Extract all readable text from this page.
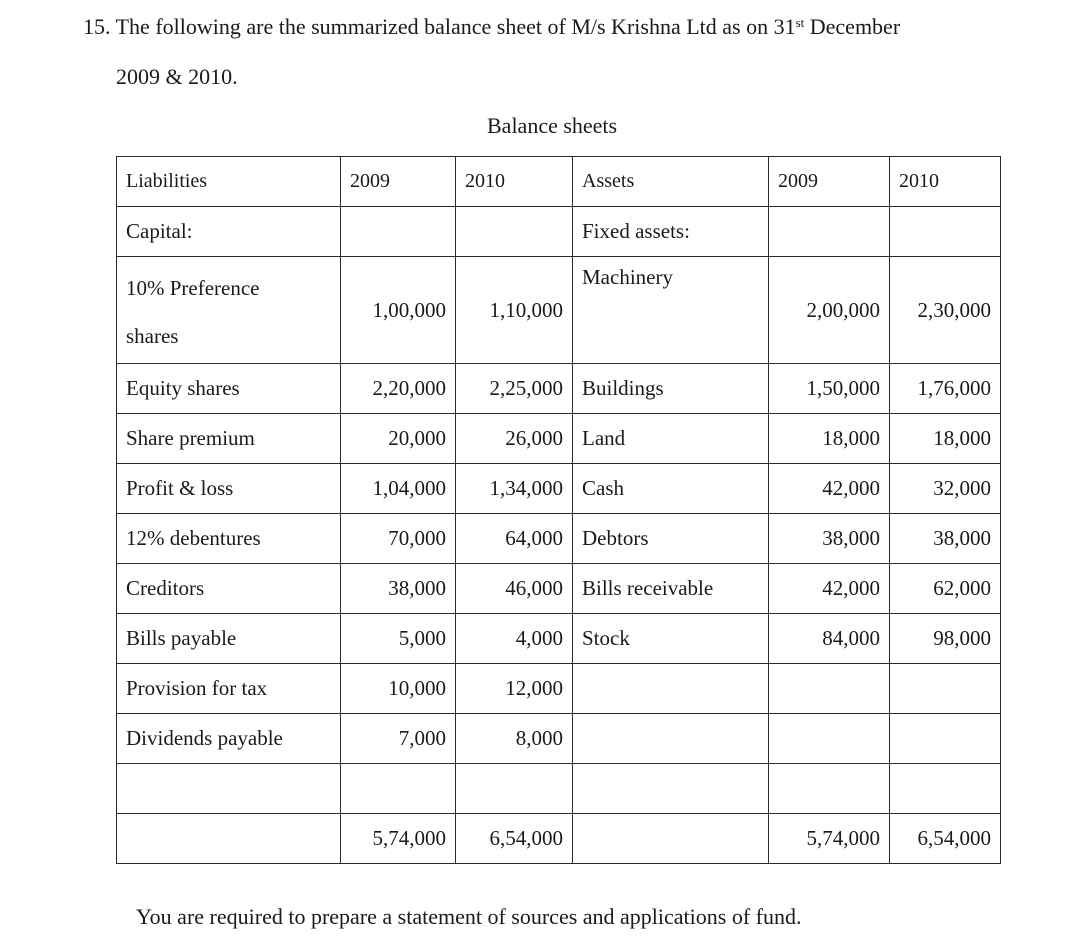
15. The following are the summarized balance sheet of M/s Krishna Ltd as on 31st December
2009 & 2010.
Balance sheets
Liabilities	2009	2010	Assets	2009	2010
Capital:			Fixed assets:		
10% Preference
shares	1,00,000	1,10,000	Machinery	2,00,000	2,30,000
Equity shares	2,20,000	2,25,000	Buildings	1,50,000	1,76,000
Share premium	20,000	26,000	Land	18,000	18,000
Profit & loss	1,04,000	1,34,000	Cash	42,000	32,000
12% debentures	70,000	64,000	Debtors	38,000	38,000
Creditors	38,000	46,000	Bills receivable	42,000	62,000
Bills payable	5,000	4,000	Stock	84,000	98,000
Provision for tax	10,000	12,000			
Dividends payable	7,000	8,000			

	5,74,000	6,54,000		5,74,000	6,54,000
You are required to prepare a statement of sources and applications of fund.
